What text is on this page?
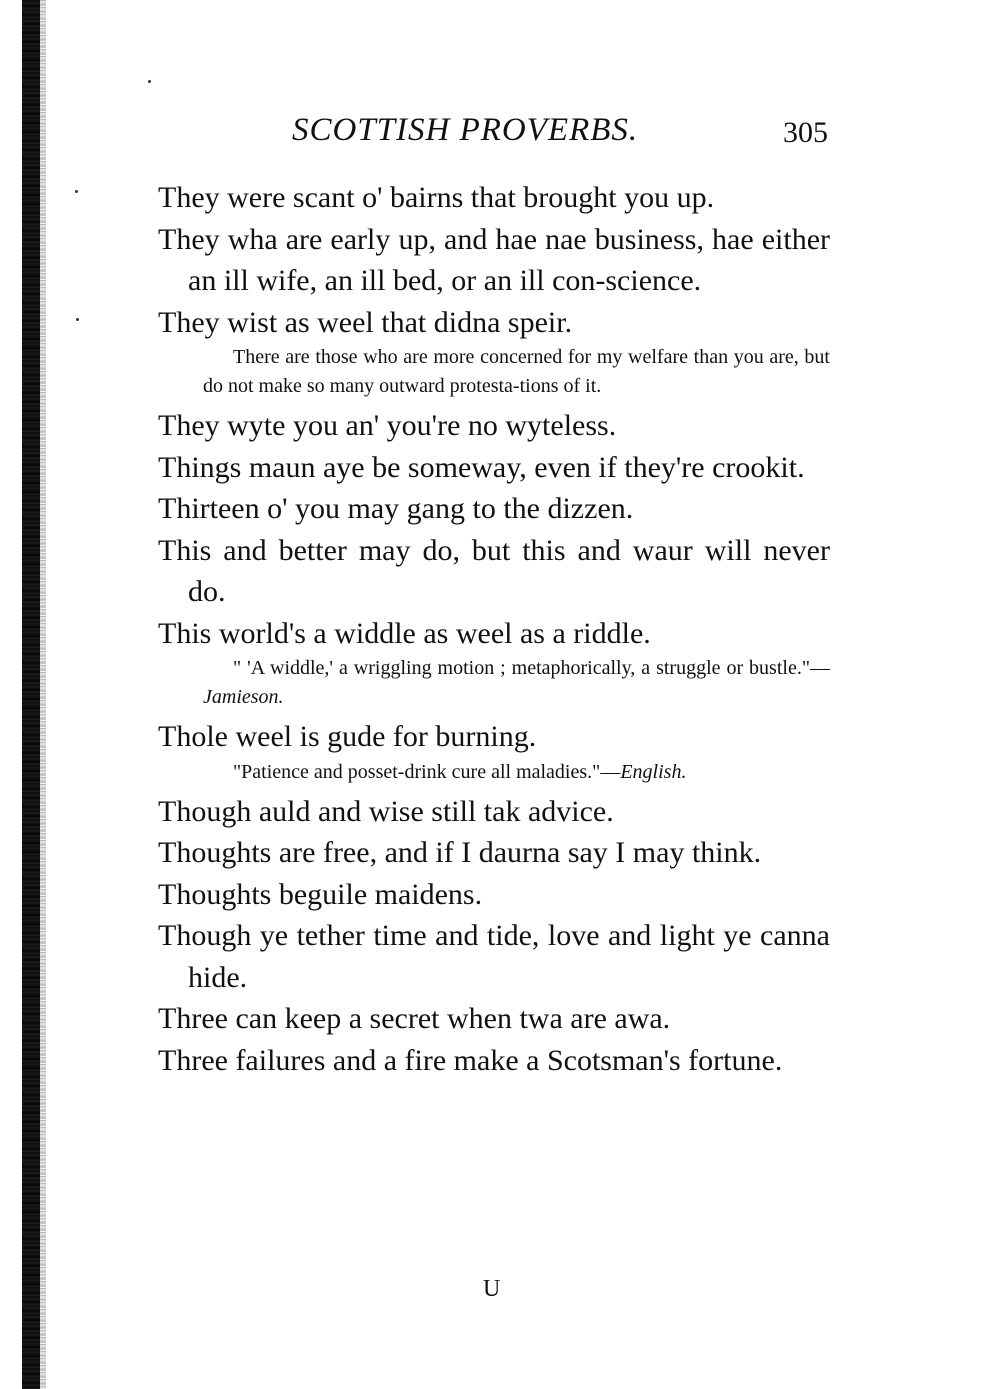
SCOTTISH PROVERBS.	305
They were scant o' bairns that brought you up.
They wha are early up, and hae nae business, hae either an ill wife, an ill bed, or an ill con-science.
They wist as weel that didna speir.
There are those who are more concerned for my welfare than you are, but do not make so many outward protesta-tions of it.
They wyte you an' you're no wyteless.
Things maun aye be someway, even if they're crookit.
Thirteen o' you may gang to the dizzen.
This and better may do, but this and waur will never do.
This world's a widdle as weel as a riddle.
" 'A widdle,' a wriggling motion ; metaphorically, a struggle or bustle."—Jamieson.
Thole weel is gude for burning.
"Patience and posset-drink cure all maladies."—English.
Though auld and wise still tak advice.
Thoughts are free, and if I daurna say I may think.
Thoughts beguile maidens.
Though ye tether time and tide, love and light ye canna hide.
Three can keep a secret when twa are awa.
Three failures and a fire make a Scotsman's fortune.
U
